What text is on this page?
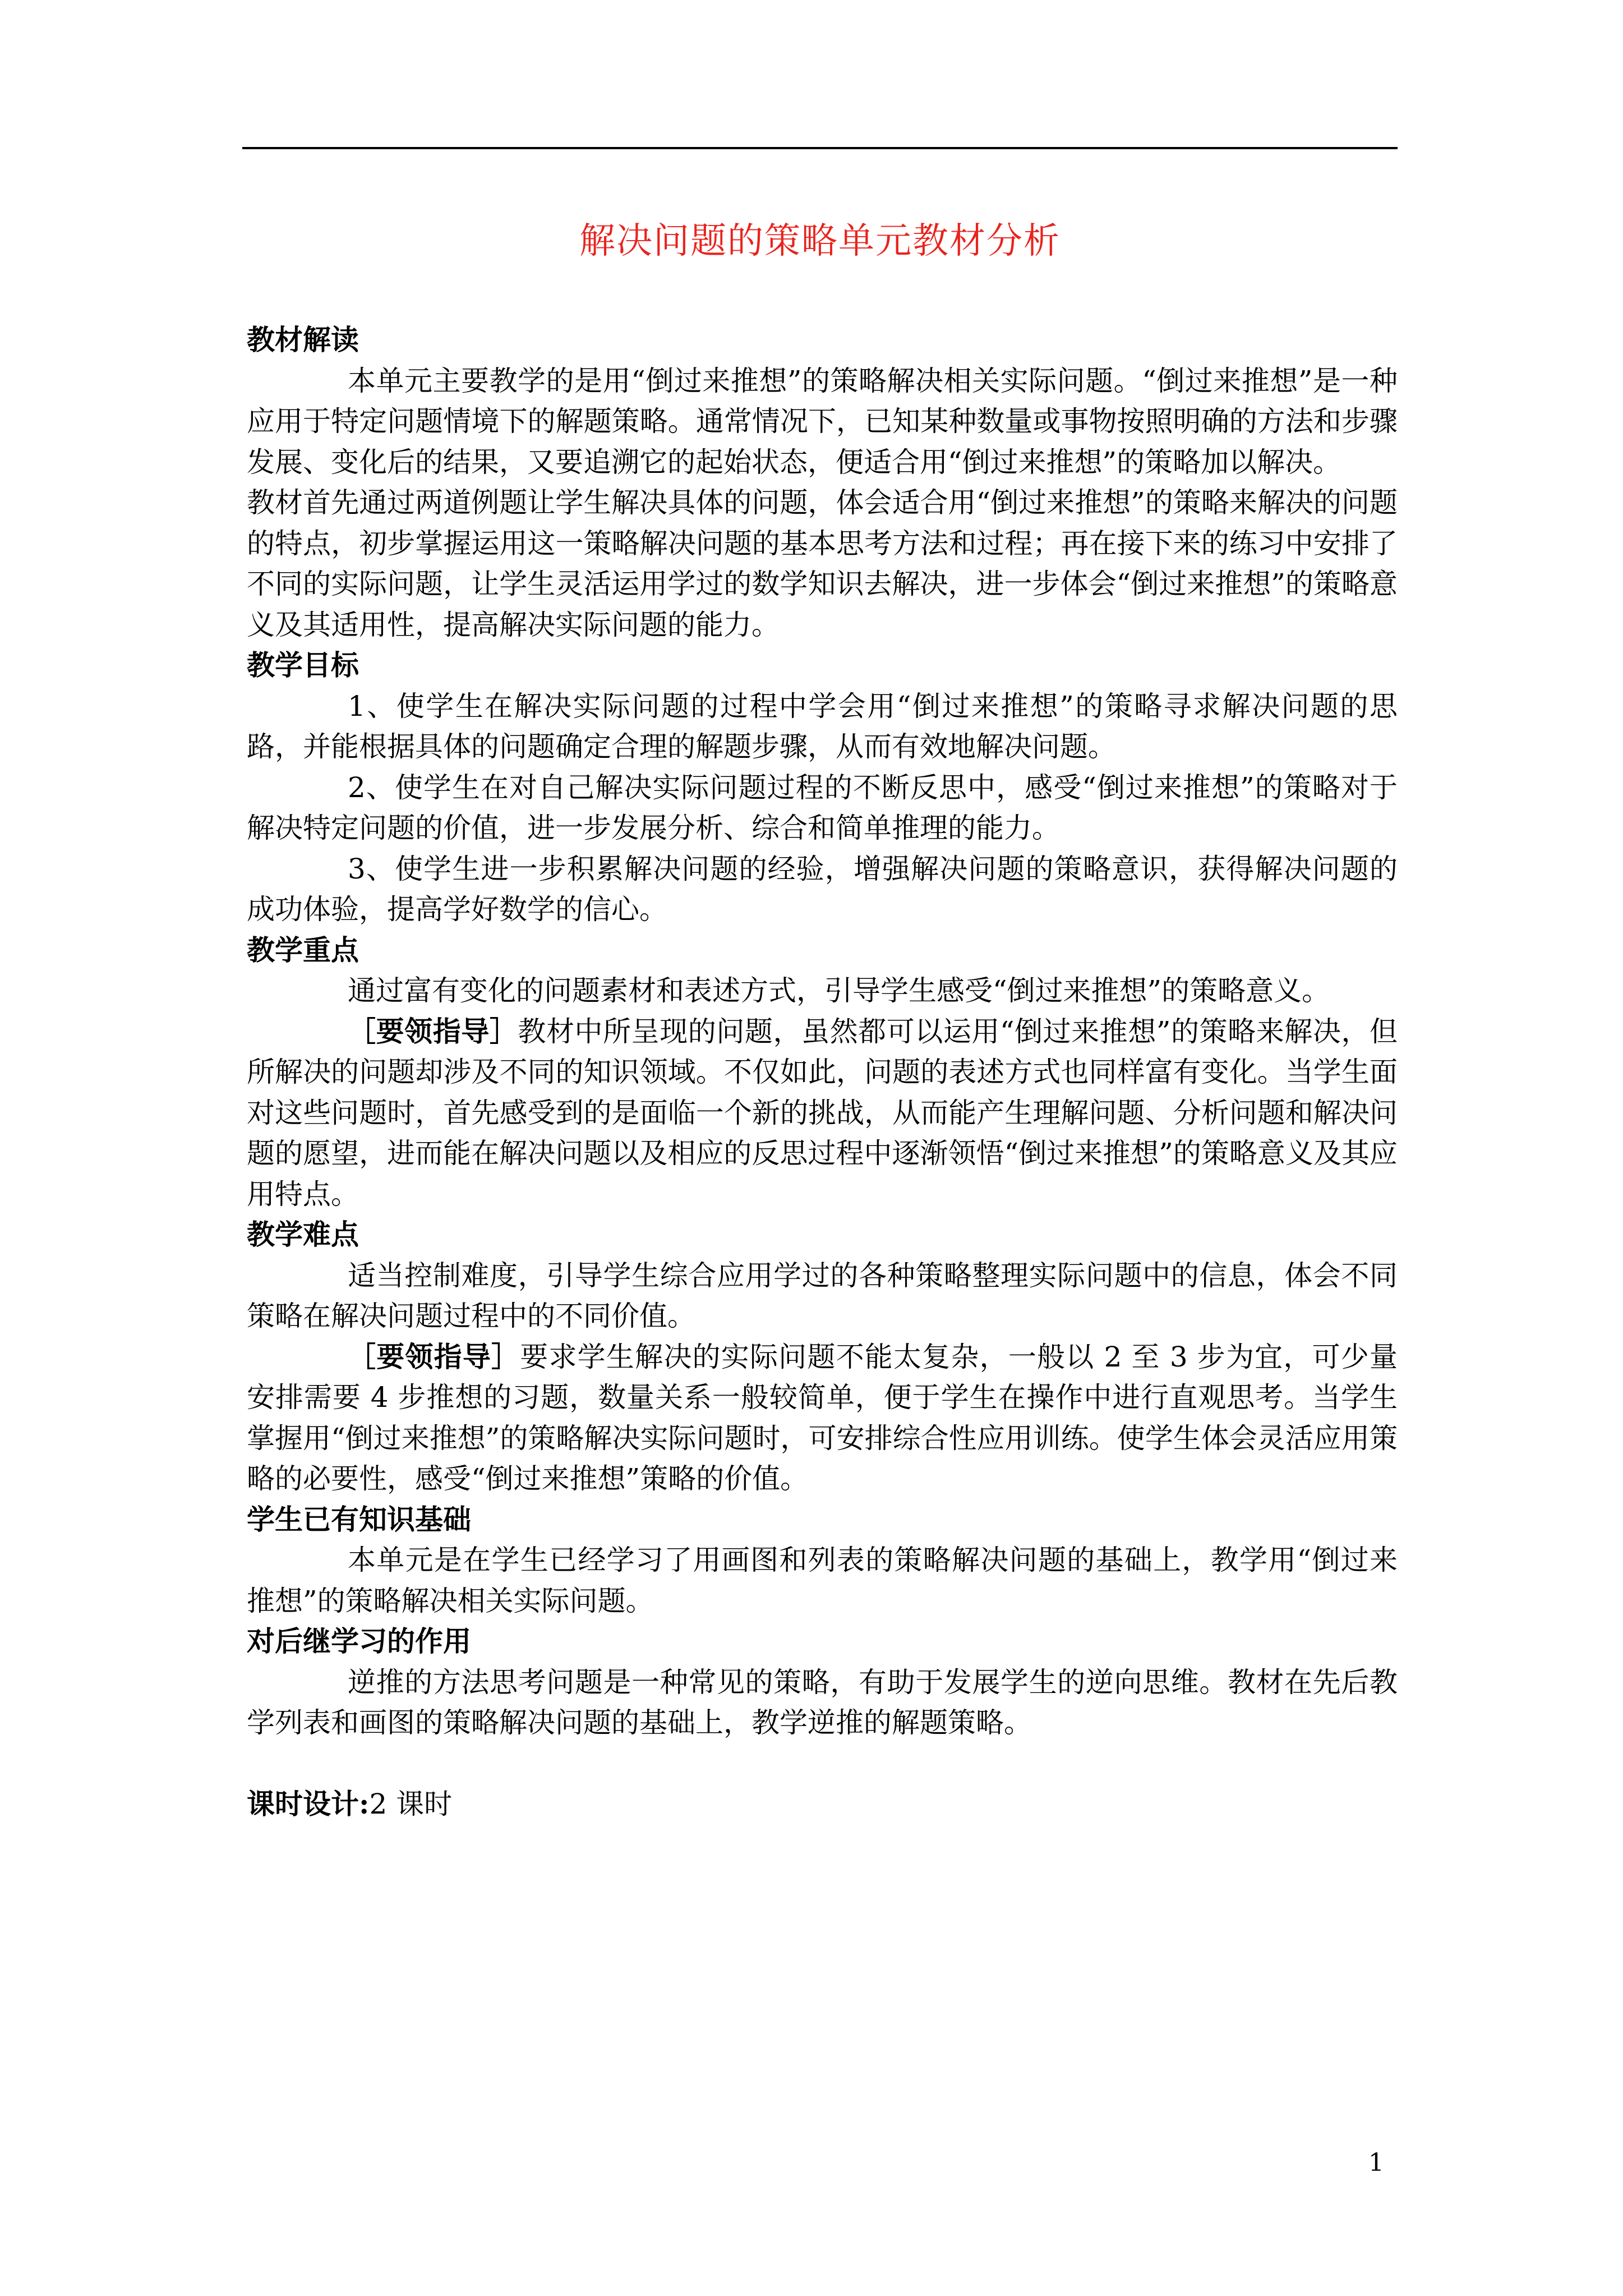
解决问题的策略单元教材分析

教材解读

本单元主要教学的是用“倒过来推想”的策略解决相关实际问题。“倒过来推想”是一种应用于特定问题情境下的解题策略。通常情况下，已知某种数量或事物按照明确的方法和步骤发展、变化后的结果，又要追溯它的起始状态，便适合用“倒过来推想”的策略加以解决。

教材首先通过两道例题让学生解决具体的问题，体会适合用“倒过来推想”的策略来解决的问题的特点，初步掌握运用这一策略解决问题的基本思考方法和过程；再在接下来的练习中安排了不同的实际问题，让学生灵活运用学过的数学知识去解决，进一步体会“倒过来推想”的策略意义及其适用性，提高解决实际问题的能力。

教学目标

1、使学生在解决实际问题的过程中学会用“倒过来推想”的策略寻求解决问题的思路，并能根据具体的问题确定合理的解题步骤，从而有效地解决问题。

2、使学生在对自己解决实际问题过程的不断反思中，感受“倒过来推想”的策略对于解决特定问题的价值，进一步发展分析、综合和简单推理的能力。

3、使学生进一步积累解决问题的经验，增强解决问题的策略意识，获得解决问题的成功体验，提高学好数学的信心。

教学重点

通过富有变化的问题素材和表述方式，引导学生感受“倒过来推想”的策略意义。

［要领指导］教材中所呈现的问题，虽然都可以运用“倒过来推想”的策略来解决，但所解决的问题却涉及不同的知识领域。不仅如此，问题的表述方式也同样富有变化。当学生面对这些问题时，首先感受到的是面临一个新的挑战，从而能产生理解问题、分析问题和解决问题的愿望，进而能在解决问题以及相应的反思过程中逐渐领悟“倒过来推想”的策略意义及其应用特点。

教学难点

适当控制难度，引导学生综合应用学过的各种策略整理实际问题中的信息，体会不同策略在解决问题过程中的不同价值。

［要领指导］要求学生解决的实际问题不能太复杂，一般以 2 至 3 步为宜，可少量安排需要 4 步推想的习题，数量关系一般较简单，便于学生在操作中进行直观思考。当学生掌握用“倒过来推想”的策略解决实际问题时，可安排综合性应用训练。使学生体会灵活应用策略的必要性，感受“倒过来推想”策略的价值。

学生已有知识基础

本单元是在学生已经学习了用画图和列表的策略解决问题的基础上，教学用“倒过来推想”的策略解决相关实际问题。

对后继学习的作用

逆推的方法思考问题是一种常见的策略，有助于发展学生的逆向思维。教材在先后教学列表和画图的策略解决问题的基础上，教学逆推的解题策略。

课时设计:2 课时

1
